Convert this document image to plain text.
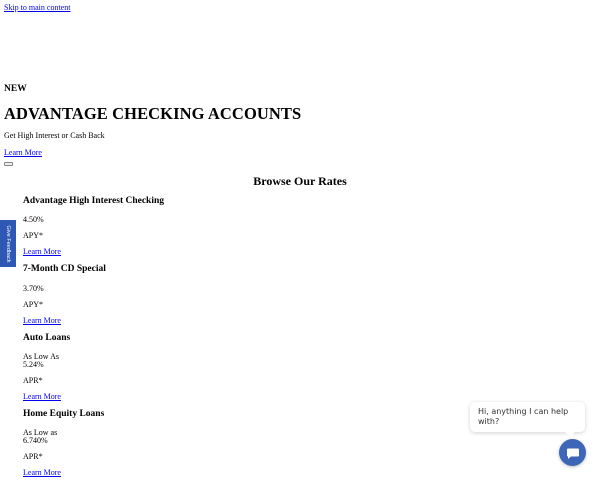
Skip to main content
NEW
ADVANTAGE CHECKING ACCOUNTS
Get High Interest or Cash Back
Learn More
Browse Our Rates
Advantage High Interest Checking
4.50%
APY*
Learn More
7-Month CD Special
3.70%
APY*
Learn More
Auto Loans
As Low As
5.24%
APR*
Learn More
Home Equity Loans
As Low as
6.740%
APR*
Learn More
Give Feedback
Hi, anything I can help with?
